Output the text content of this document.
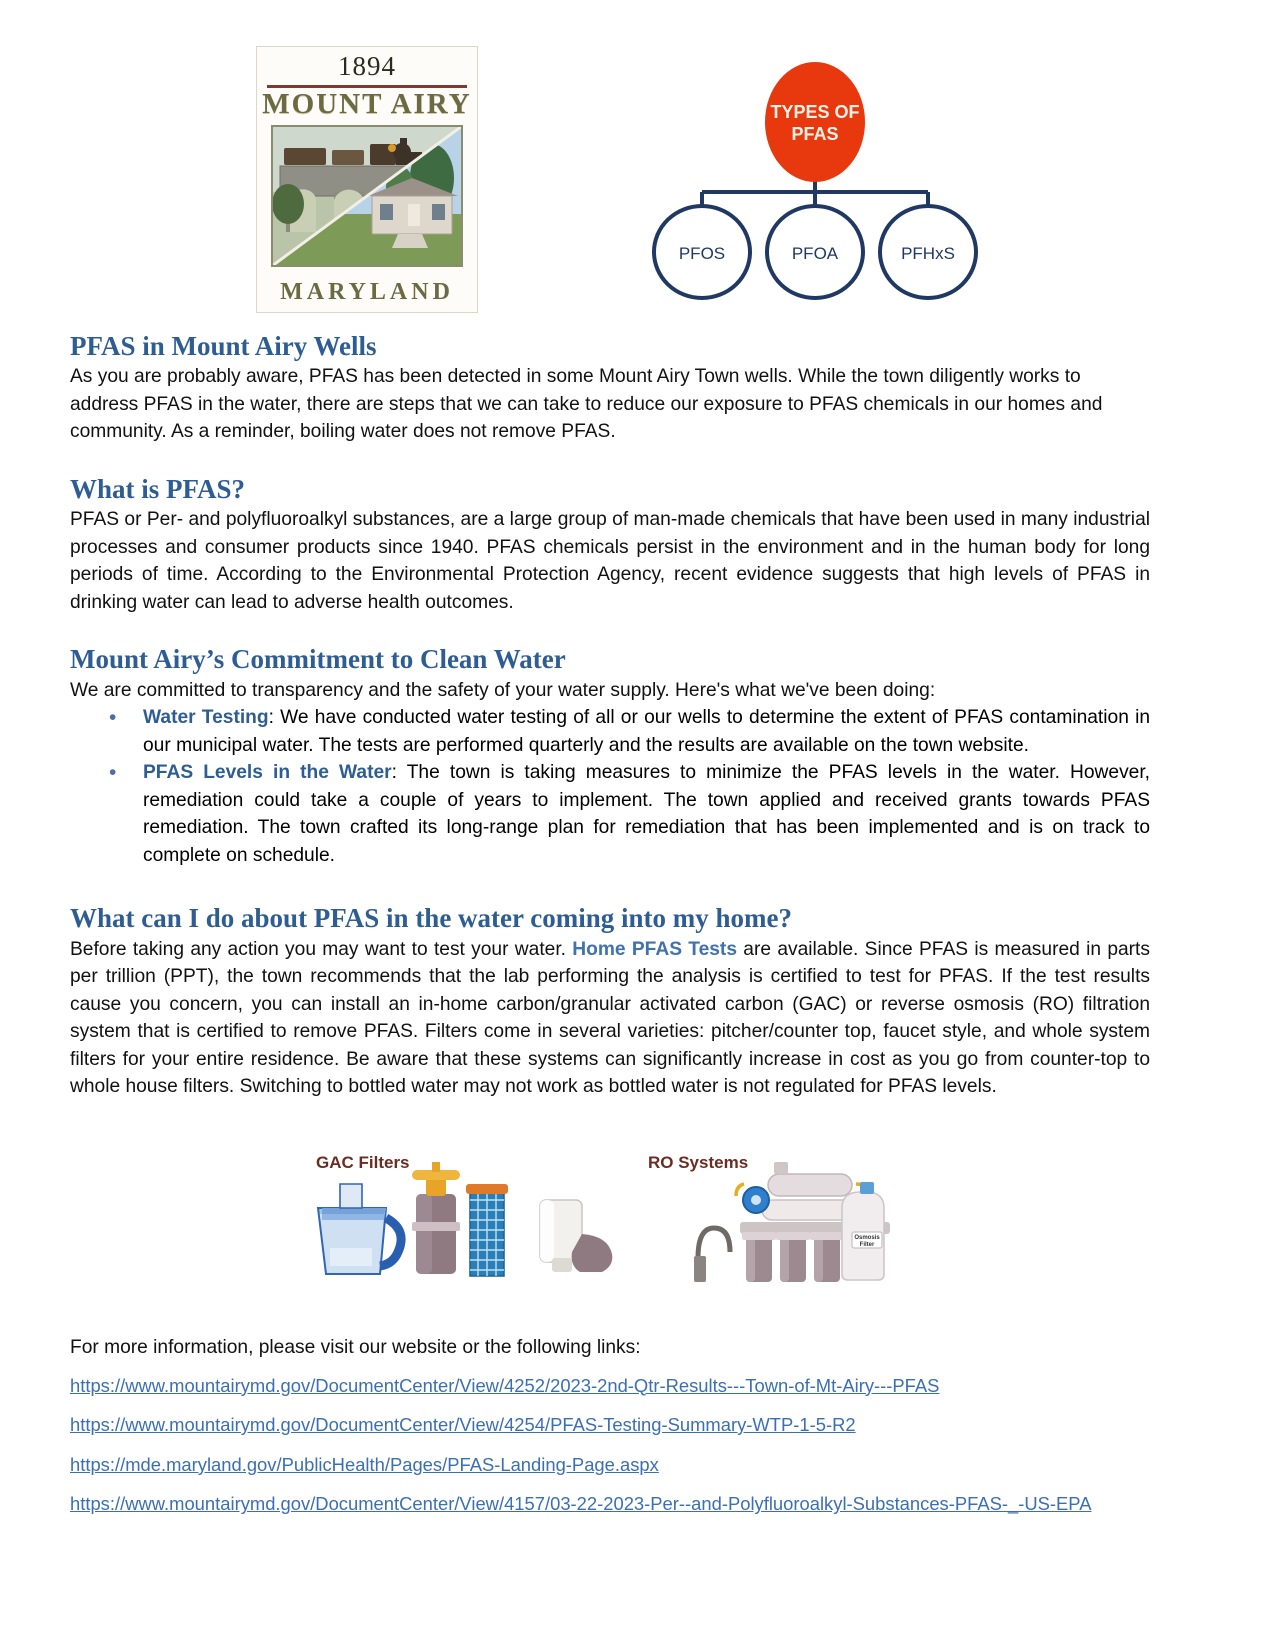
1894
MOUNT AIRY
MARYLAND
TYPES OF
PFAS
PFOS	PFOA	PFHxS
PFAS in Mount Airy Wells

As you are probably aware, PFAS has been detected in some Mount Airy Town wells. While the town diligently works to address PFAS in the water, there are steps that we can take to reduce our exposure to PFAS chemicals in our homes and community. As a reminder, boiling water does not remove PFAS.

What is PFAS?

PFAS or Per- and polyfluoroalkyl substances, are a large group of man-made chemicals that have been used in many industrial processes and consumer products since 1940. PFAS chemicals persist in the environment and in the human body for long periods of time. According to the Environmental Protection Agency, recent evidence suggests that high levels of PFAS in drinking water can lead to adverse health outcomes.

Mount Airy’s Commitment to Clean Water

We are committed to transparency and the safety of your water supply. Here's what we've been doing:

• Water Testing: We have conducted water testing of all or our wells to determine the extent of PFAS contamination in our municipal water. The tests are performed quarterly and the results are available on the town website.
• PFAS Levels in the Water: The town is taking measures to minimize the PFAS levels in the water. However, remediation could take a couple of years to implement. The town applied and received grants towards PFAS remediation. The town crafted its long-range plan for remediation that has been implemented and is on track to complete on schedule.
What can I do about PFAS in the water coming into my home?

Before taking any action you may want to test your water. Home PFAS Tests are available. Since PFAS is measured in parts per trillion (PPT), the town recommends that the lab performing the analysis is certified to test for PFAS. If the test results cause you concern, you can install an in-home carbon/granular activated carbon (GAC) or reverse osmosis (RO) filtration system that is certified to remove PFAS. Filters come in several varieties: pitcher/counter top, faucet style, and whole system filters for your entire residence. Be aware that these systems can significantly increase in cost as you go from counter-top to whole house filters. Switching to bottled water may not work as bottled water is not regulated for PFAS levels.

GAC Filters	RO Systems
Osmosis
Filter

For more information, please visit our website or the following links:

https://www.mountairymd.gov/DocumentCenter/View/4252/2023-2nd-Qtr-Results---Town-of-Mt-Airy---PFAS
https://www.mountairymd.gov/DocumentCenter/View/4254/PFAS-Testing-Summary-WTP-1-5-R2
https://mde.maryland.gov/PublicHealth/Pages/PFAS-Landing-Page.aspx
https://www.mountairymd.gov/DocumentCenter/View/4157/03-22-2023-Per--and-Polyfluoroalkyl-Substances-PFAS-_-US-EPA
